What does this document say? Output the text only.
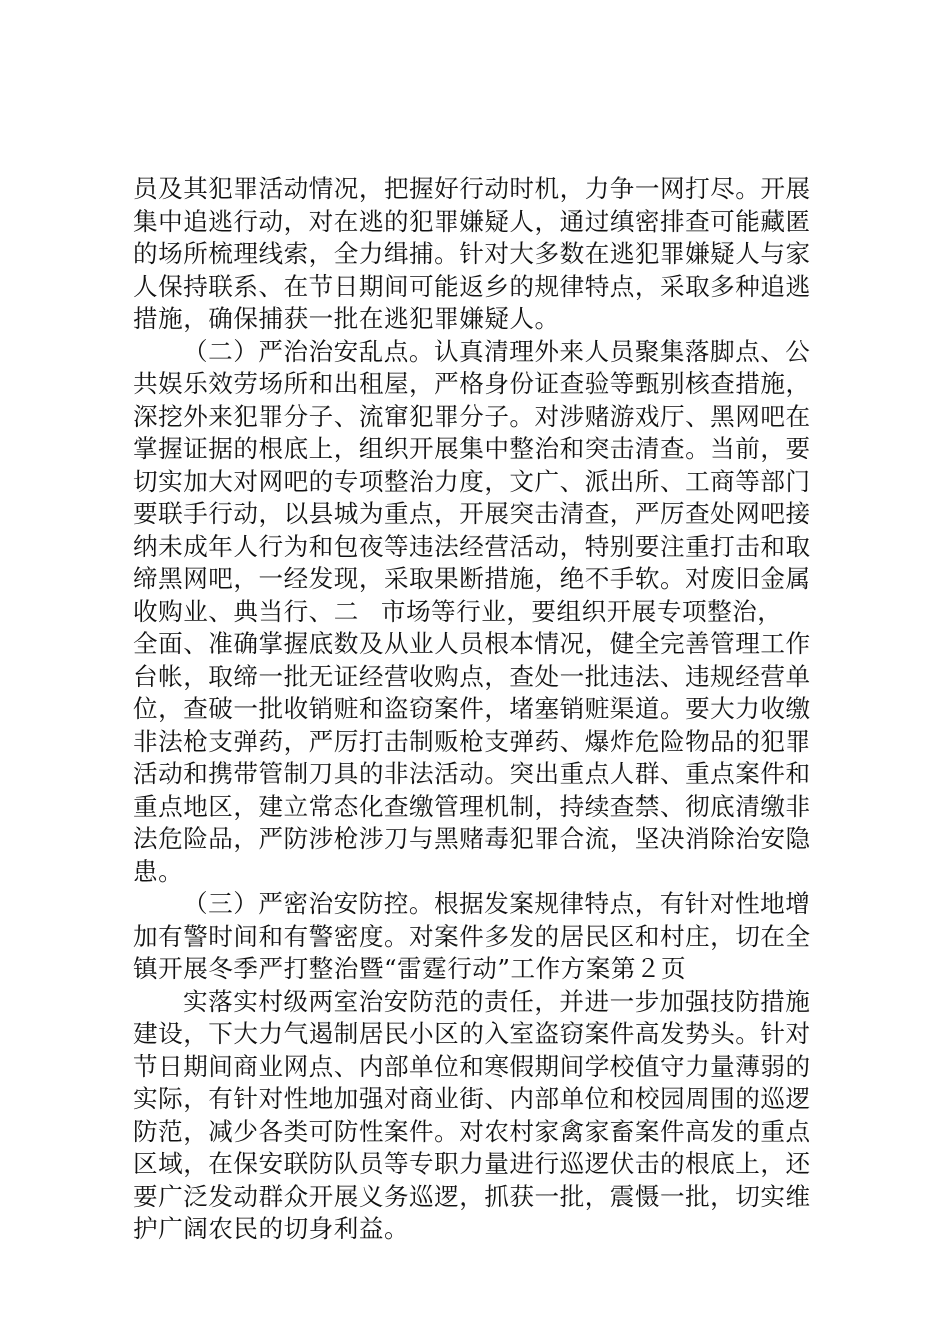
员及其犯罪活动情况，把握好行动时机，力争一网打尽。开展
集中追逃行动，对在逃的犯罪嫌疑人，通过缜密排查可能藏匿
的场所梳理线索，全力缉捕。针对大多数在逃犯罪嫌疑人与家
人保持联系、在节日期间可能返乡的规律特点，采取多种追逃
措施，确保捕获一批在逃犯罪嫌疑人。
（二）严治治安乱点。认真清理外来人员聚集落脚点、公
共娱乐效劳场所和出租屋，严格身份证查验等甄别核查措施，
深挖外来犯罪分子、流窜犯罪分子。对涉赌游戏厅、黑网吧在
掌握证据的根底上，组织开展集中整治和突击清查。当前，要
切实加大对网吧的专项整治力度，文广、派出所、工商等部门
要联手行动，以县城为重点，开展突击清查，严厉查处网吧接
纳未成年人行为和包夜等违法经营活动，特别要注重打击和取
缔黑网吧，一经发现，采取果断措施，绝不手软。对废旧金属
收购业、典当行、二 市场等行业，要组织开展专项整治，
全面、准确掌握底数及从业人员根本情况，健全完善管理工作
台帐，取缔一批无证经营收购点，查处一批违法、违规经营单
位，查破一批收销赃和盗窃案件，堵塞销赃渠道。要大力收缴
非法枪支弹药，严厉打击制贩枪支弹药、爆炸危险物品的犯罪
活动和携带管制刀具的非法活动。突出重点人群、重点案件和
重点地区，建立常态化查缴管理机制，持续查禁、彻底清缴非
法危险品，严防涉枪涉刀与黑赌毒犯罪合流，坚决消除治安隐
患。
（三）严密治安防控。根据发案规律特点，有针对性地增
加有警时间和有警密度。对案件多发的居民区和村庄，切在全
镇开展冬季严打整治暨“雷霆行动”工作方案第２页
实落实村级两室治安防范的责任，并进一步加强技防措施
建设，下大力气遏制居民小区的入室盗窃案件高发势头。针对
节日期间商业网点、内部单位和寒假期间学校值守力量薄弱的
实际，有针对性地加强对商业街、内部单位和校园周围的巡逻
防范，减少各类可防性案件。对农村家禽家畜案件高发的重点
区域，在保安联防队员等专职力量进行巡逻伏击的根底上，还
要广泛发动群众开展义务巡逻，抓获一批，震慑一批，切实维
护广阔农民的切身利益。
